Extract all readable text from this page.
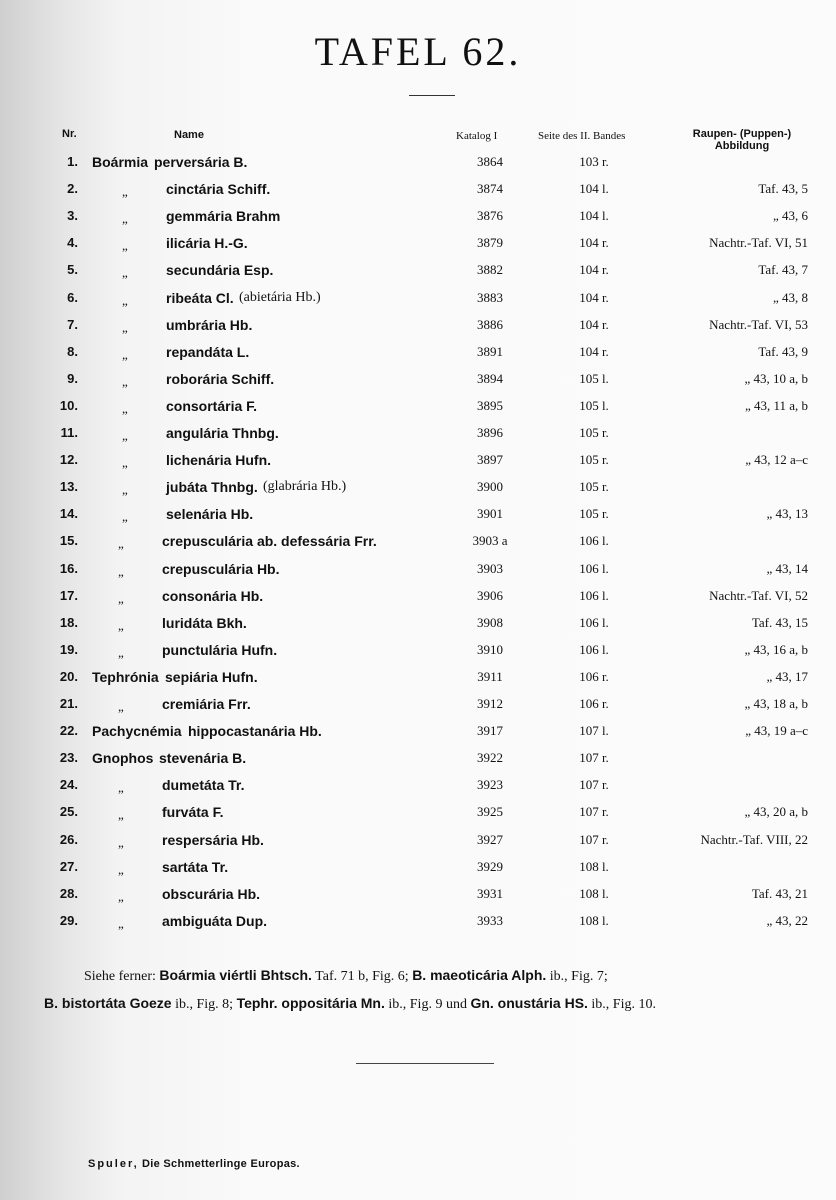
TAFEL 62.
Nr.	Name	Katalog I	Seite des II. Bandes	Raupen- (Puppen-)
Abbildung
1. Boármia perversária B.	3864	103 r.
2.	„	cinctária Schiff.	3874	104 l.	Taf. 43, 5
3.	„	gemmária Brahm	3876	104 l.	„ 43, 6
4.	„	ilicária H.-G.	3879	104 r.	Nachtr.-Taf. VI, 51
5.	„	secundária Esp.	3882	104 r.	Taf. 43, 7
6.	„	ribeáta Cl. (abietária Hb.)	3883	104 r.	„ 43, 8
7.	„	umbrária Hb.	3886	104 r.	Nachtr.-Taf. VI, 53
8.	„	repandáta L.	3891	104 r.	Taf. 43, 9
9.	„	roborária Schiff.	3894	105 l.	„ 43, 10 a, b
10.	„	consortária F.	3895	105 l.	„ 43, 11 a, b
11.	„	angulária Thnbg.	3896	105 r.
12.	„	lichenária Hufn.	3897	105 r.	„ 43, 12 a–c
13.	„	jubáta Thnbg. (glabrária Hb.)	3900	105 r.
14.	„	selenária Hb.	3901	105 r.	„ 43, 13
15.	„	crepusculária ab. defessária Frr.	3903 a	106 l.
16.	„	crepusculária Hb.	3903	106 l.	„ 43, 14
17.	„	consonária Hb.	3906	106 l.	Nachtr.-Taf. VI, 52
18.	„	luridáta Bkh.	3908	106 l.	Taf. 43, 15
19.	„	punctulária Hufn.	3910	106 l.	„ 43, 16 a, b
20. Tephrónia sepiária Hufn.	3911	106 r.	„ 43, 17
21.	„	cremiária Frr.	3912	106 r.	„ 43, 18 a, b
22. Pachycnémia hippocastanária Hb.	3917	107 l.	„ 43, 19 a–c
23. Gnophos stevenária B.	3922	107 r.
24.	„	dumetáta Tr.	3923	107 r.
25.	„	furváta F.	3925	107 r.	„ 43, 20 a, b
26.	„	respersária Hb.	3927	107 r.	Nachtr.-Taf. VIII, 22
27.	„	sartáta Tr.	3929	108 l.
28.	„	obscurária Hb.	3931	108 l.	Taf. 43, 21
29.	„	ambiguáta Dup.	3933	108 l.	„ 43, 22
Siehe ferner: Boármia viértli Bhtsch. Taf. 71 b, Fig. 6; B. maeoticária Alph. ib., Fig. 7;
B. bistortáta Goeze ib., Fig. 8; Tephr. oppositária Mn. ib., Fig. 9 und Gn. onustária HS. ib., Fig. 10.
Spuler, Die Schmetterlinge Europas.
